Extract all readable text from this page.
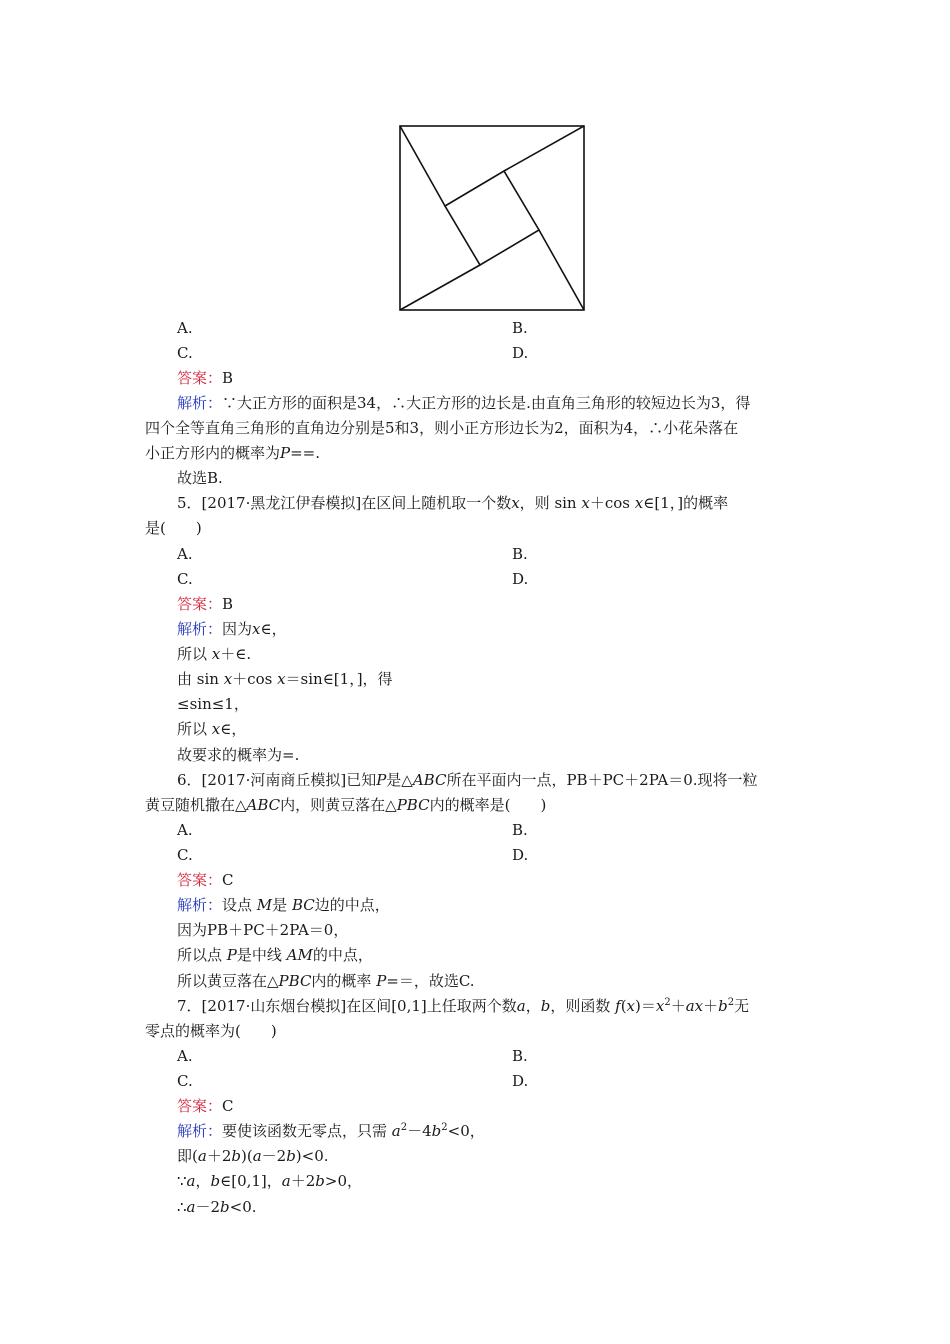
A.	B.
C.	D.
答案：B
解析：∵大正方形的面积是34，∴大正方形的边长是.由直角三角形的较短边长为3，得
四个全等直角三角形的直角边分别是5和3，则小正方形边长为2，面积为4，∴小花朵落在
小正方形内的概率为P==.
故选B.
5．[2017·黑龙江伊春模拟]在区间上随机取一个数x，则 sin x＋cos x∈[1，]的概率
是(　　)
A.	B.
C.	D.
答案：B
解析：因为x∈，
所以 x＋∈.
由 sin x＋cos x＝sin∈[1，]，得
≤sin≤1，
所以 x∈，
故要求的概率为=.
6．[2017·河南商丘模拟]已知P是△ABC所在平面内一点，PB＋PC＋2PA＝0.现将一粒
黄豆随机撒在△ABC内，则黄豆落在△PBC内的概率是(　　)
A.	B.
C.	D.
答案：C
解析：设点 M是 BC边的中点，
因为PB＋PC＋2PA＝0，
所以点 P是中线 AM的中点，
所以黄豆落在△PBC内的概率 P=＝，故选C.
7．[2017·山东烟台模拟]在区间[0,1]上任取两个数a，b，则函数 $f(x)=x^2+ax+b^2$无
零点的概率为(　　)
A.	B.
C.	D.
答案：C
解析：要使该函数无零点，只需 $a^2-4b^2<0$，
即(a＋2b)(a－2b)<0.
∵a，b∈[0,1]，a＋2b>0，
∴a－2b<0.
